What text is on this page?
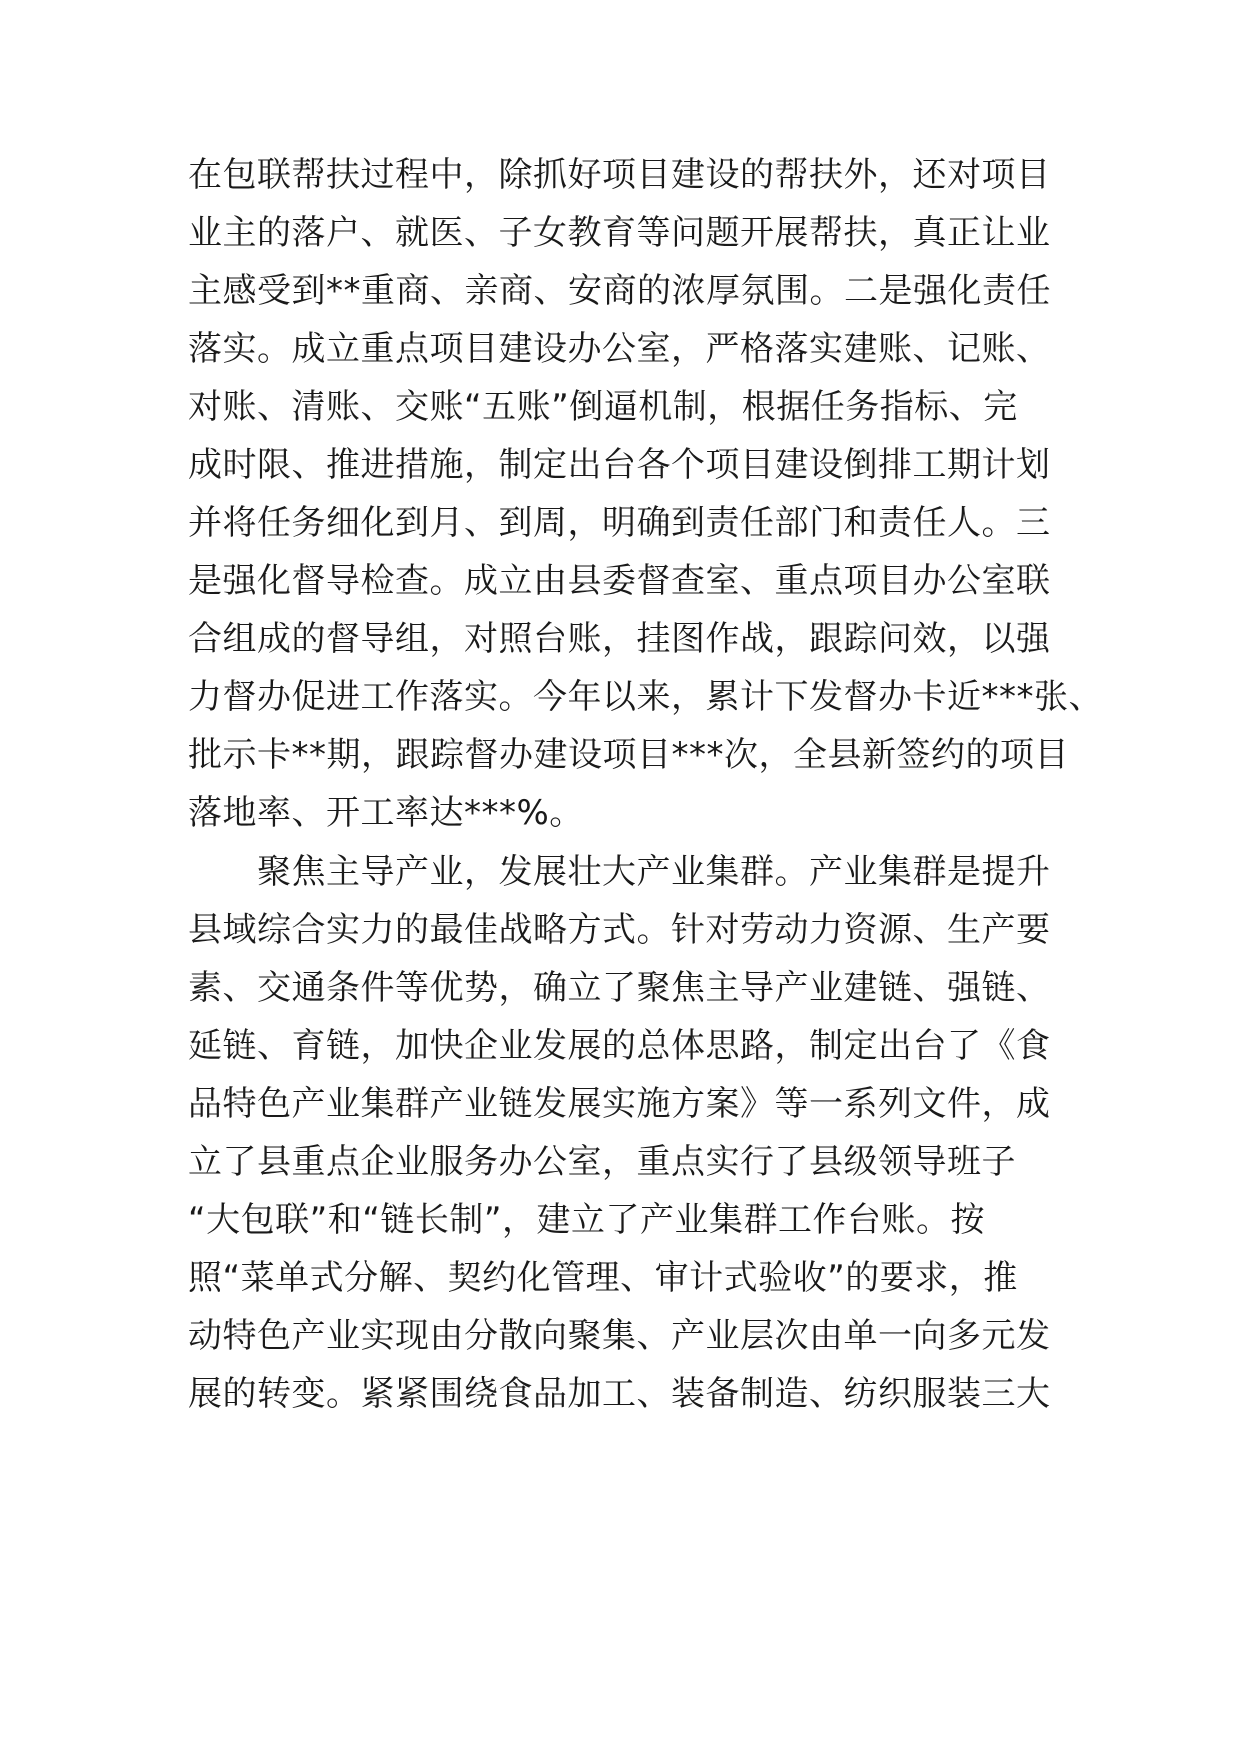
在包联帮扶过程中，除抓好项目建设的帮扶外，还对项目
业主的落户、就医、子女教育等问题开展帮扶，真正让业
主感受到**重商、亲商、安商的浓厚氛围。二是强化责任
落实。成立重点项目建设办公室，严格落实建账、记账、
对账、清账、交账“五账”倒逼机制，根据任务指标、完
成时限、推进措施，制定出台各个项目建设倒排工期计划
并将任务细化到月、到周，明确到责任部门和责任人。三
是强化督导检查。成立由县委督查室、重点项目办公室联
合组成的督导组，对照台账，挂图作战，跟踪问效，以强
力督办促进工作落实。今年以来，累计下发督办卡近***张、
批示卡**期，跟踪督办建设项目***次，全县新签约的项目
落地率、开工率达***%。
　　聚焦主导产业，发展壮大产业集群。产业集群是提升
县域综合实力的最佳战略方式。针对劳动力资源、生产要
素、交通条件等优势，确立了聚焦主导产业建链、强链、
延链、育链，加快企业发展的总体思路，制定出台了《食
品特色产业集群产业链发展实施方案》等一系列文件，成
立了县重点企业服务办公室，重点实行了县级领导班子
“大包联”和“链长制”，建立了产业集群工作台账。按
照“菜单式分解、契约化管理、审计式验收”的要求，推
动特色产业实现由分散向聚集、产业层次由单一向多元发
展的转变。紧紧围绕食品加工、装备制造、纺织服装三大
